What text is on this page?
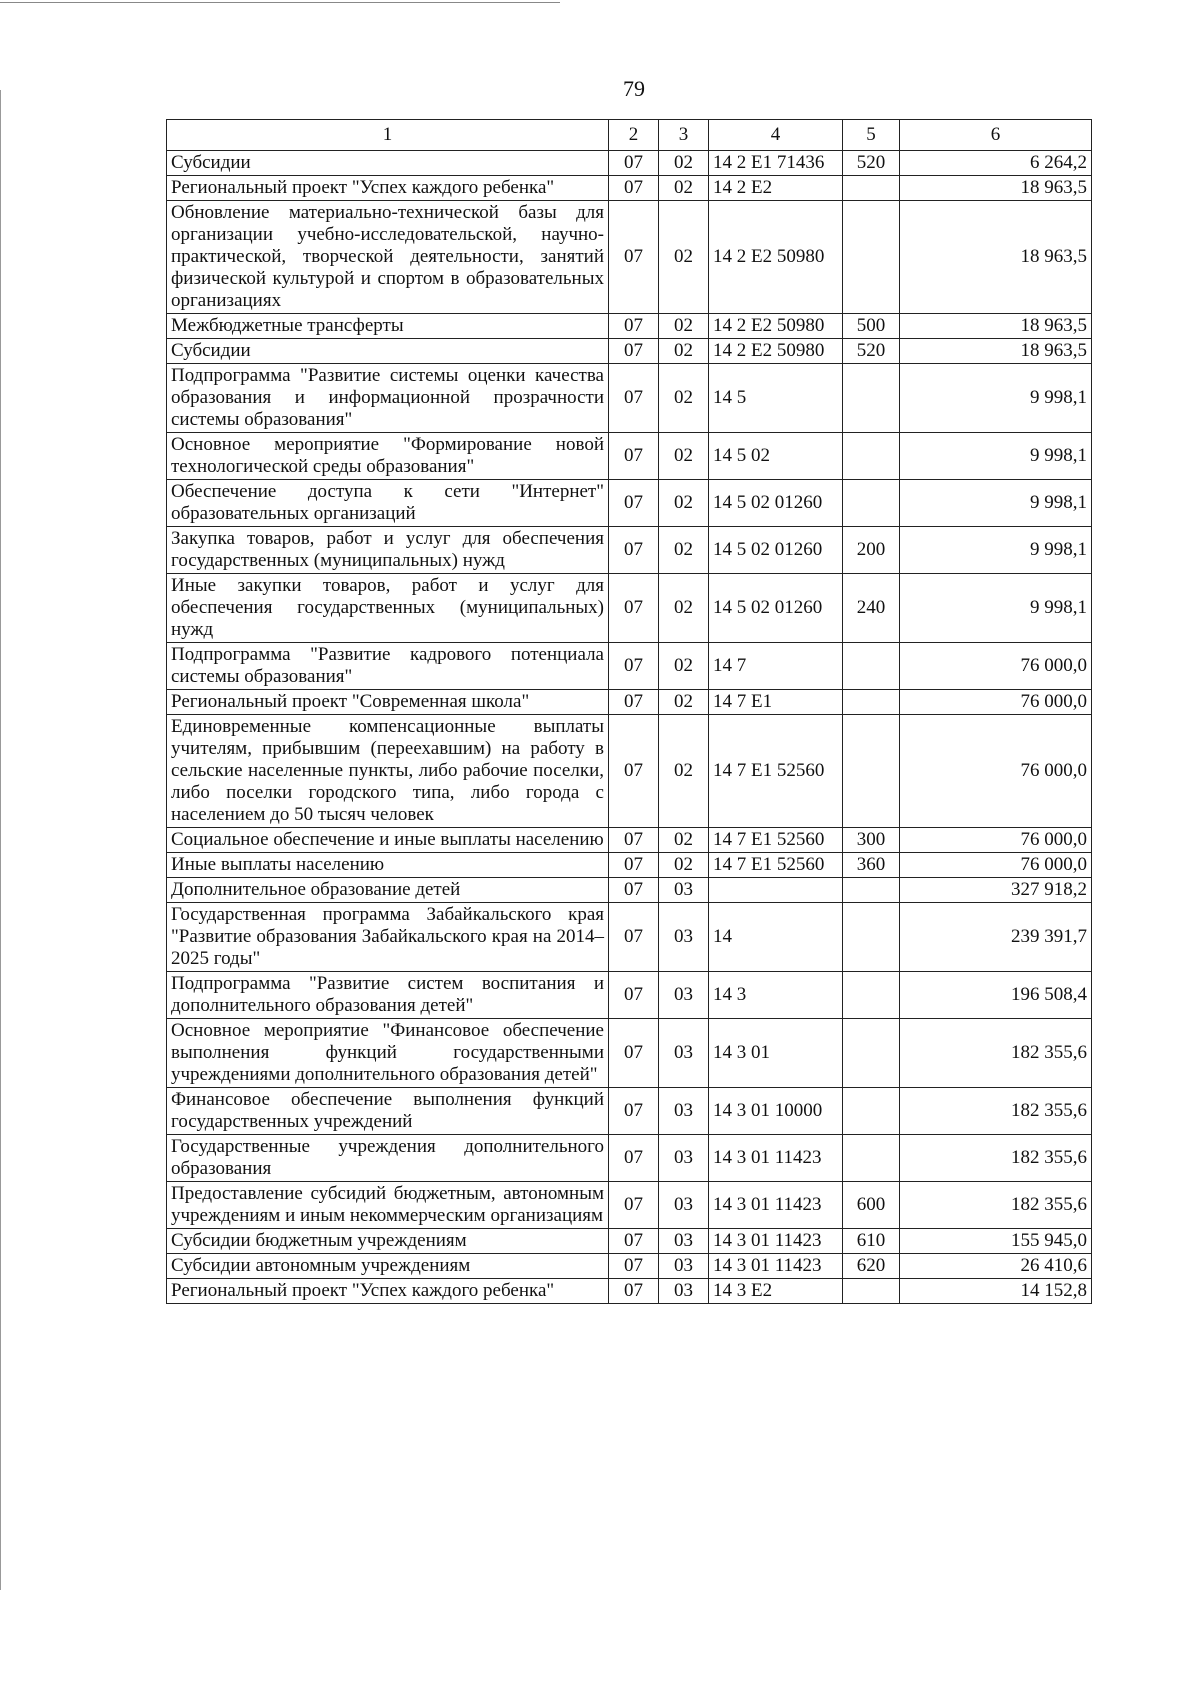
79
1	2	3	4	5	6
Субсидии	07	02	14 2 E1 71436	520	6 264,2
Региональный проект "Успех каждого ребенка"	07	02	14 2 E2		18 963,5
Обновление материально-технической базы для организации учебно-исследовательской, научно-практической, творческой деятельности, занятий физической культурой и спортом в образовательных организациях	07	02	14 2 E2 50980		18 963,5
Межбюджетные трансферты	07	02	14 2 E2 50980	500	18 963,5
Субсидии	07	02	14 2 E2 50980	520	18 963,5
Подпрограмма "Развитие системы оценки качества образования и информационной прозрачности системы образования"	07	02	14 5		9 998,1
Основное мероприятие "Формирование новой технологической среды образования"	07	02	14 5 02		9 998,1
Обеспечение доступа к сети "Интернет" образовательных организаций	07	02	14 5 02 01260		9 998,1
Закупка товаров, работ и услуг для обеспечения государственных (муниципальных) нужд	07	02	14 5 02 01260	200	9 998,1
Иные закупки товаров, работ и услуг для обеспечения государственных (муниципальных) нужд	07	02	14 5 02 01260	240	9 998,1
Подпрограмма "Развитие кадрового потенциала системы образования"	07	02	14 7		76 000,0
Региональный проект "Современная школа"	07	02	14 7 E1		76 000,0
Единовременные компенсационные выплаты учителям, прибывшим (переехавшим) на работу в сельские населенные пункты, либо рабочие поселки, либо поселки городского типа, либо города с населением до 50 тысяч человек	07	02	14 7 E1 52560		76 000,0
Социальное обеспечение и иные выплаты населению	07	02	14 7 E1 52560	300	76 000,0
Иные выплаты населению	07	02	14 7 E1 52560	360	76 000,0
Дополнительное образование детей	07	03			327 918,2
Государственная программа Забайкальского края "Развитие образования Забайкальского края на 2014–2025 годы"	07	03	14		239 391,7
Подпрограмма "Развитие систем воспитания и дополнительного образования детей"	07	03	14 3		196 508,4
Основное мероприятие "Финансовое обеспечение выполнения функций государственными учреждениями дополнительного образования детей"	07	03	14 3 01		182 355,6
Финансовое обеспечение выполнения функций государственных учреждений	07	03	14 3 01 10000		182 355,6
Государственные учреждения дополнительного образования	07	03	14 3 01 11423		182 355,6
Предоставление субсидий бюджетным, автономным учреждениям и иным некоммерческим организациям	07	03	14 3 01 11423	600	182 355,6
Субсидии бюджетным учреждениям	07	03	14 3 01 11423	610	155 945,0
Субсидии автономным учреждениям	07	03	14 3 01 11423	620	26 410,6
Региональный проект "Успех каждого ребенка"	07	03	14 3 E2		14 152,8
